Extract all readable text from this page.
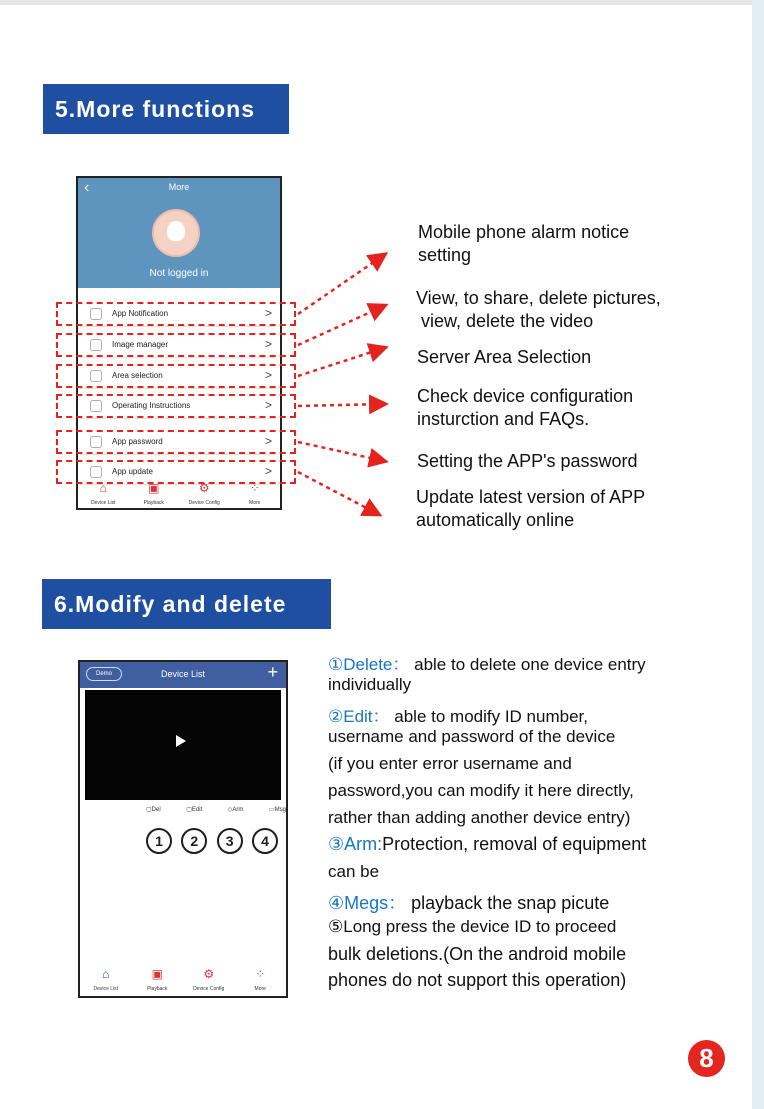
5.More functions
‹	More
Not logged in
App Notification	>
Image manager	>
Area selection	>
Operating Instructions	>
App password	>
App update	>
⌂
Device List
▣
Playback
⚙
Device Config
⁘
More
Mobile phone alarm notice
setting
View, to share, delete pictures,
view, delete the video
Server Area Selection
Check device configuration
insturction and FAQs.
Setting the APP's password
Update latest version of APP
automatically online
6.Modify and delete
Demo	Device List	+
▢Del	▢Edit	◇Arm	▭Msg
1	2	3	4
⌂
Device List
▣
Playback
⚙
Device Config
⁘
More
①Delete： able to delete one device entry
individually
②Edit： able to modify ID number,
username and password of the device
(if you enter error username and
password,you can modify it here directly,
rather than adding another device entry)
③Arm:Protection, removal of equipment
can be
④Megs： playback the snap picute
⑤Long press the device ID to proceed
bulk deletions.(On the android mobile
phones do not support this operation)
8
